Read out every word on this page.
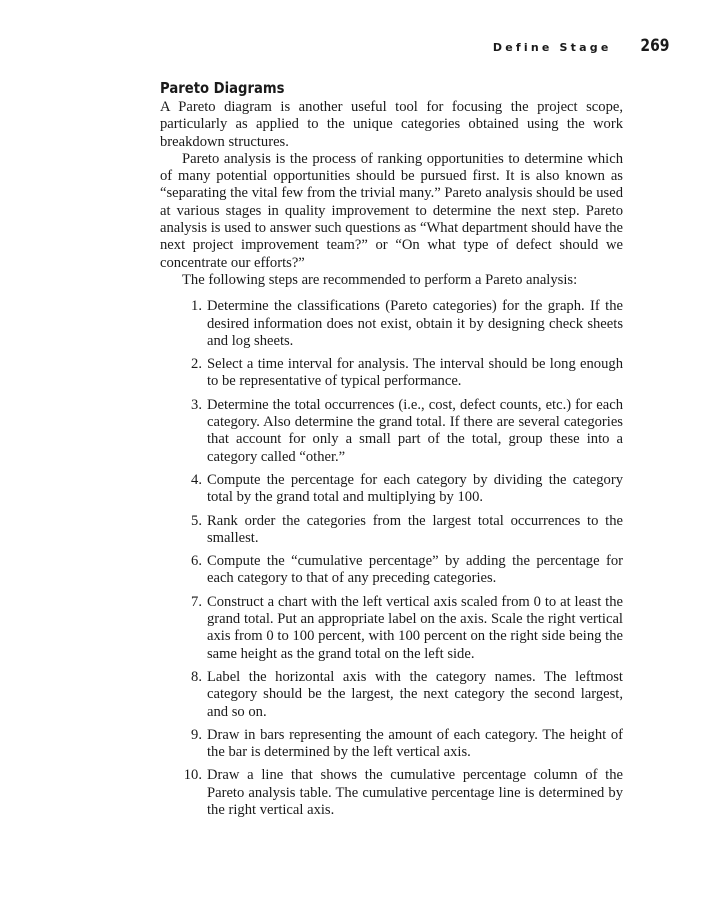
Define Stage 269
Pareto Diagrams

A Pareto diagram is another useful tool for focusing the project scope, particularly as applied to the unique categories obtained using the work breakdown structures.

Pareto analysis is the process of ranking opportunities to determine which of many potential opportunities should be pursued first. It is also known as “separating the vital few from the trivial many.” Pareto analysis should be used at various stages in quality improvement to determine the next step. Pareto analysis is used to answer such questions as “What department should have the next project improvement team?” or “On what type of defect should we concentrate our efforts?”

The following steps are recommended to perform a Pareto analysis:

1. Determine the classifications (Pareto categories) for the graph. If the desired information does not exist, obtain it by designing check sheets and log sheets.
2. Select a time interval for analysis. The interval should be long enough to be representative of typical performance.
3. Determine the total occurrences (i.e., cost, defect counts, etc.) for each category. Also determine the grand total. If there are several categories that account for only a small part of the total, group these into a category called “other.”
4. Compute the percentage for each category by dividing the category total by the grand total and multiplying by 100.
5. Rank order the categories from the largest total occurrences to the smallest.
6. Compute the “cumulative percentage” by adding the percentage for each category to that of any preceding categories.
7. Construct a chart with the left vertical axis scaled from 0 to at least the grand total. Put an appropriate label on the axis. Scale the right vertical axis from 0 to 100 percent, with 100 percent on the right side being the same height as the grand total on the left side.
8. Label the horizontal axis with the category names. The leftmost category should be the largest, the next category the second largest, and so on.
9. Draw in bars representing the amount of each category. The height of the bar is determined by the left vertical axis.
10. Draw a line that shows the cumulative percentage column of the Pareto analysis table. The cumulative percentage line is determined by the right vertical axis.
